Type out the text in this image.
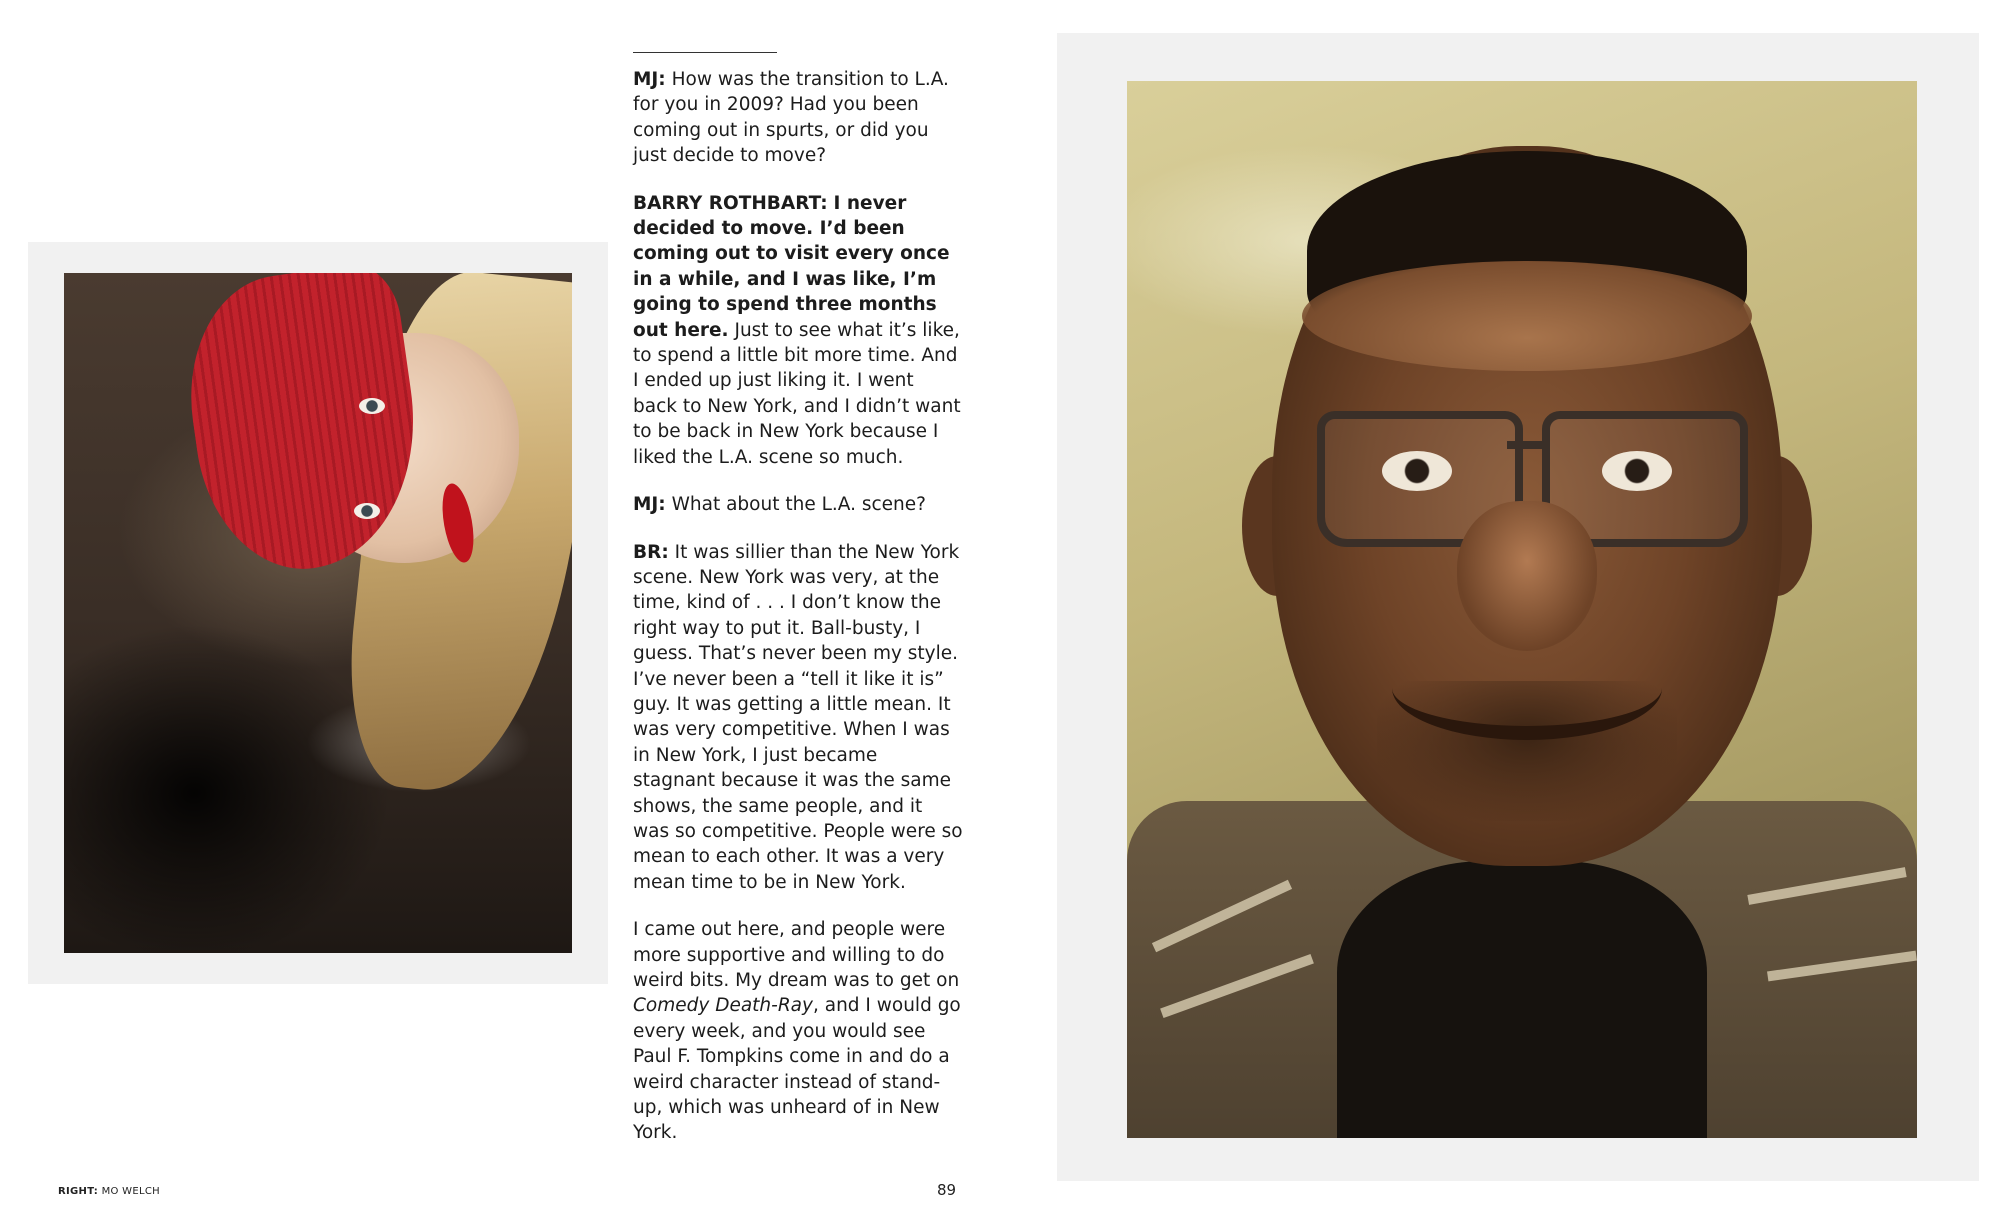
MJ: How was the transition to L.A. for you in 2009? Had you been coming out in spurts, or did you just decide to move?

BARRY ROTHBART: I never decided to move. I’d been coming out to visit every once in a while, and I was like, I’m going to spend three months out here. Just to see what it’s like, to spend a little bit more time. And I ended up just liking it. I went back to New York, and I didn’t want to be back in New York because I liked the L.A. scene so much.

MJ: What about the L.A. scene?

BR: It was sillier than the New York scene. New York was very, at the time, kind of . . . I don’t know the right way to put it. Ball-busty, I guess. That’s never been my style. I’ve never been a “tell it like it is” guy. It was getting a little mean. It was very competitive. When I was in New York, I just became stagnant because it was the same shows, the same people, and it was so competitive. People were so mean to each other. It was a very mean time to be in New York.

I came out here, and people were more supportive and willing to do weird bits. My dream was to get on Comedy Death-Ray, and I would go every week, and you would see Paul F. Tompkins come in and do a weird character instead of stand-up, which was unheard of in New York.

RIGHT: MO WELCH	89
